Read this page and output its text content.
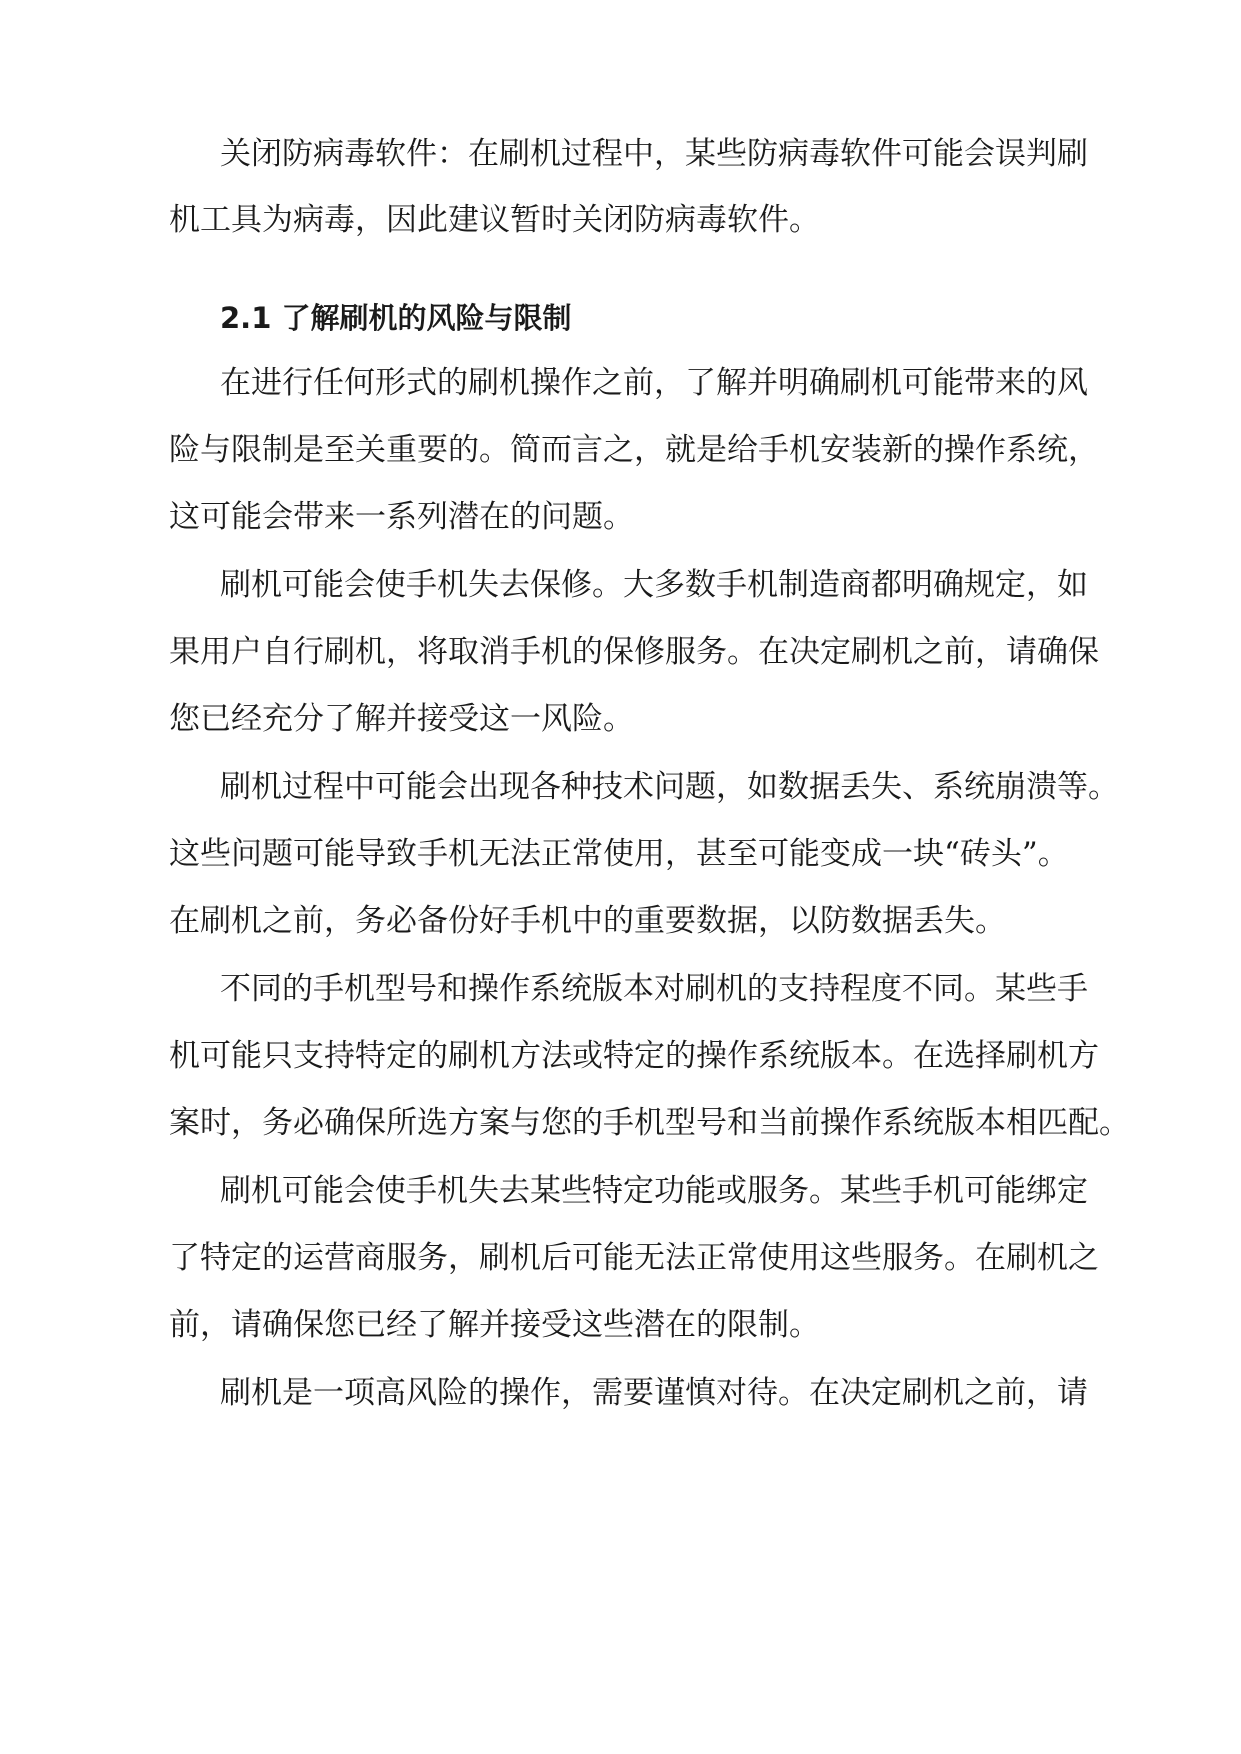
关闭防病毒软件：在刷机过程中，某些防病毒软件可能会误判刷
机工具为病毒，因此建议暂时关闭防病毒软件。
2.1 了解刷机的风险与限制
在进行任何形式的刷机操作之前，了解并明确刷机可能带来的风
险与限制是至关重要的。简而言之，就是给手机安装新的操作系统，
这可能会带来一系列潜在的问题。
刷机可能会使手机失去保修。大多数手机制造商都明确规定，如
果用户自行刷机，将取消手机的保修服务。在决定刷机之前，请确保
您已经充分了解并接受这一风险。
刷机过程中可能会出现各种技术问题，如数据丢失、系统崩溃等。
这些问题可能导致手机无法正常使用，甚至可能变成一块“砖头”。
在刷机之前，务必备份好手机中的重要数据，以防数据丢失。
不同的手机型号和操作系统版本对刷机的支持程度不同。某些手
机可能只支持特定的刷机方法或特定的操作系统版本。在选择刷机方
案时，务必确保所选方案与您的手机型号和当前操作系统版本相匹配。
刷机可能会使手机失去某些特定功能或服务。某些手机可能绑定
了特定的运营商服务，刷机后可能无法正常使用这些服务。在刷机之
前，请确保您已经了解并接受这些潜在的限制。
刷机是一项高风险的操作，需要谨慎对待。在决定刷机之前，请
